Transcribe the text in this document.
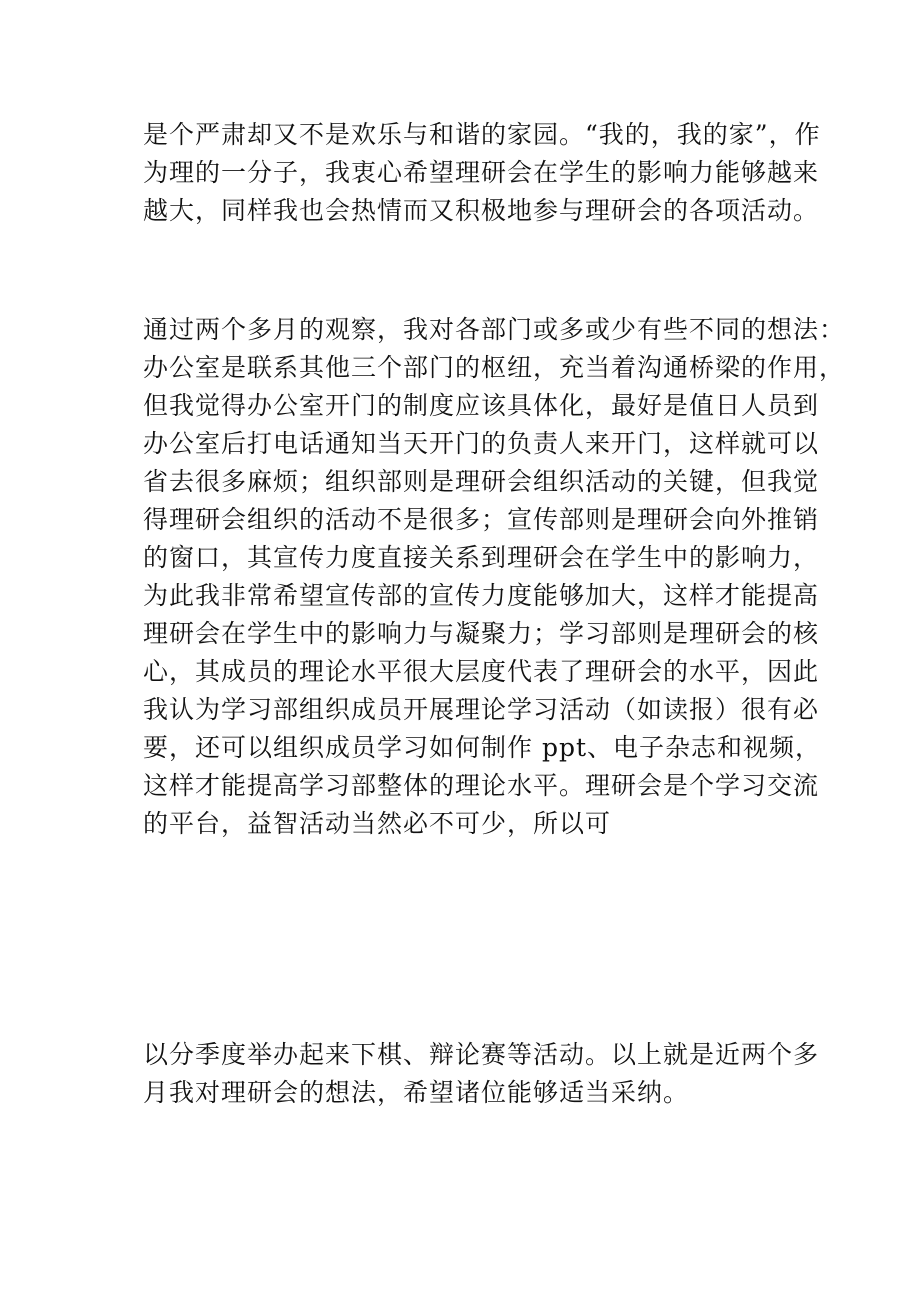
是个严肃却又不是欢乐与和谐的家园。“我的，我的家”，作
为理的一分子，我衷心希望理研会在学生的影响力能够越来
越大，同样我也会热情而又积极地参与理研会的各项活动。

通过两个多月的观察，我对各部门或多或少有些不同的想法：
办公室是联系其他三个部门的枢纽，充当着沟通桥梁的作用，
但我觉得办公室开门的制度应该具体化，最好是值日人员到
办公室后打电话通知当天开门的负责人来开门，这样就可以
省去很多麻烦；组织部则是理研会组织活动的关键，但我觉
得理研会组织的活动不是很多；宣传部则是理研会向外推销
的窗口，其宣传力度直接关系到理研会在学生中的影响力，
为此我非常希望宣传部的宣传力度能够加大，这样才能提高
理研会在学生中的影响力与凝聚力；学习部则是理研会的核
心，其成员的理论水平很大层度代表了理研会的水平，因此
我认为学习部组织成员开展理论学习活动（如读报）很有必
要，还可以组织成员学习如何制作 ppt、电子杂志和视频，
这样才能提高学习部整体的理论水平。理研会是个学习交流
的平台，益智活动当然必不可少，所以可

以分季度举办起来下棋、辩论赛等活动。以上就是近两个多
月我对理研会的想法，希望诸位能够适当采纳。
